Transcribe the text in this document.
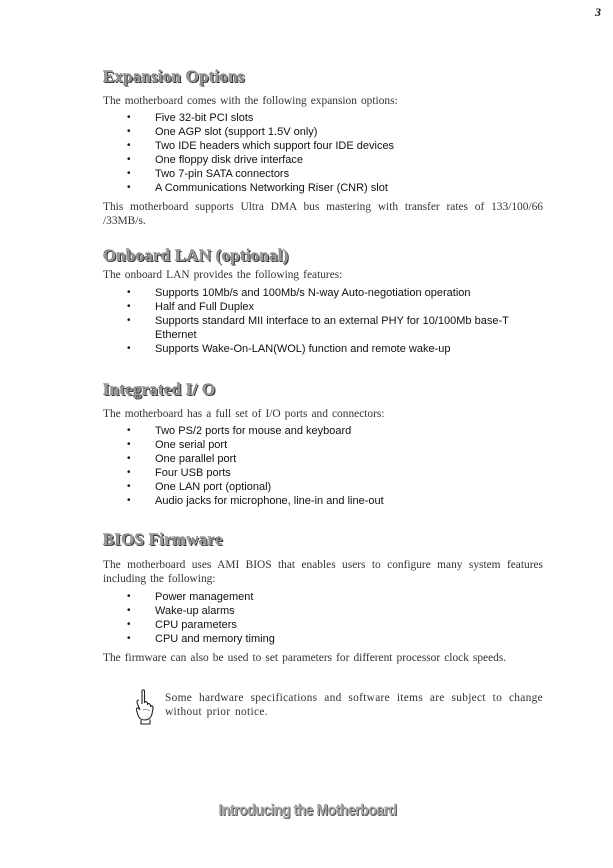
3
Expansion Options

The motherboard comes with the following expansion options:

• Five 32-bit PCI slots
• One AGP slot (support 1.5V only)
• Two IDE headers which support four IDE devices
• One floppy disk drive interface
• Two 7-pin SATA connectors
• A Communications Networking Riser (CNR) slot

This motherboard supports Ultra DMA bus mastering with transfer rates of 133/100/66 /33MB/s.

Onboard LAN (optional)

The onboard LAN provides the following features:

• Supports 10Mb/s and 100Mb/s N-way Auto-negotiation operation
• Half and Full Duplex
• Supports standard MII interface to an external PHY for 10/100Mb base-T Ethernet
• Supports Wake-On-LAN(WOL) function and remote wake-up
Integrated I/ O

The motherboard has a full set of I/O ports and connectors:

• Two PS/2 ports for mouse and keyboard
• One serial port
• One parallel port
• Four USB ports
• One LAN port (optional)
• Audio jacks for microphone, line-in and line-out
BIOS Firmware

The motherboard uses AMI BIOS that enables users to configure many system features including the following:

• Power management
• Wake-up alarms
• CPU parameters
• CPU and memory timing

The firmware can also be used to set parameters for different processor clock speeds.

Some hardware specifications and software items are subject to change without prior notice.
Introducing the Motherboard
